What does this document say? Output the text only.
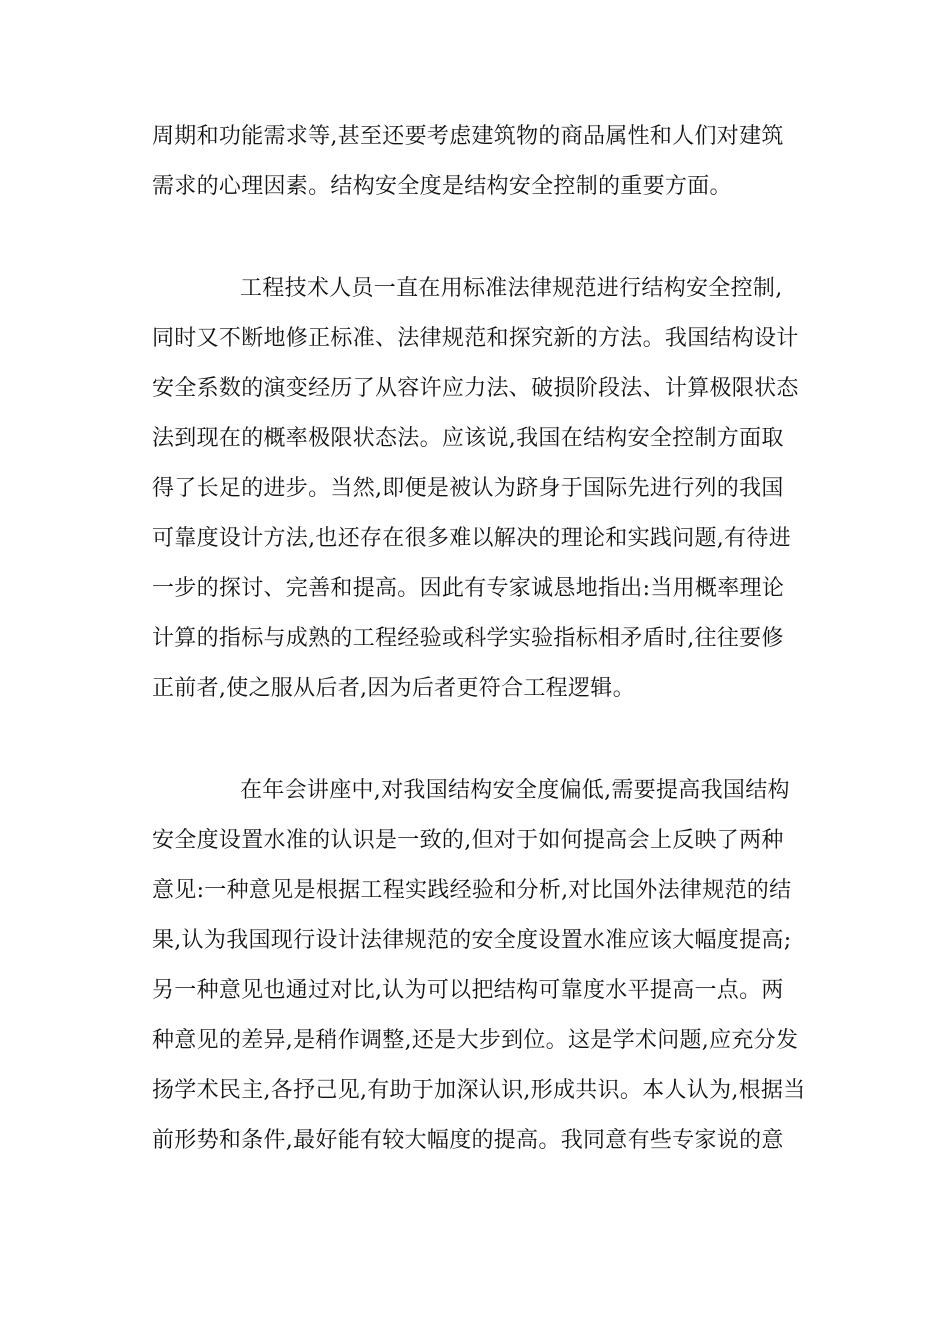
周期和功能需求等,甚至还要考虑建筑物的商品属性和人们对建筑
需求的心理因素。结构安全度是结构安全控制的重要方面。
工程技术人员一直在用标准法律规范进行结构安全控制,
同时又不断地修正标准、法律规范和探究新的方法。我国结构设计
安全系数的演变经历了从容许应力法、破损阶段法、计算极限状态
法到现在的概率极限状态法。应该说,我国在结构安全控制方面取
得了长足的进步。当然,即便是被认为跻身于国际先进行列的我国
可靠度设计方法,也还存在很多难以解决的理论和实践问题,有待进
一步的探讨、完善和提高。因此有专家诚恳地指出:当用概率理论
计算的指标与成熟的工程经验或科学实验指标相矛盾时,往往要修
正前者,使之服从后者,因为后者更符合工程逻辑。
在年会讲座中,对我国结构安全度偏低,需要提高我国结构
安全度设置水准的认识是一致的,但对于如何提高会上反映了两种
意见:一种意见是根据工程实践经验和分析,对比国外法律规范的结
果,认为我国现行设计法律规范的安全度设置水准应该大幅度提高;
另一种意见也通过对比,认为可以把结构可靠度水平提高一点。两
种意见的差异,是稍作调整,还是大步到位。这是学术问题,应充分发
扬学术民主,各抒己见,有助于加深认识,形成共识。本人认为,根据当
前形势和条件,最好能有较大幅度的提高。我同意有些专家说的意
